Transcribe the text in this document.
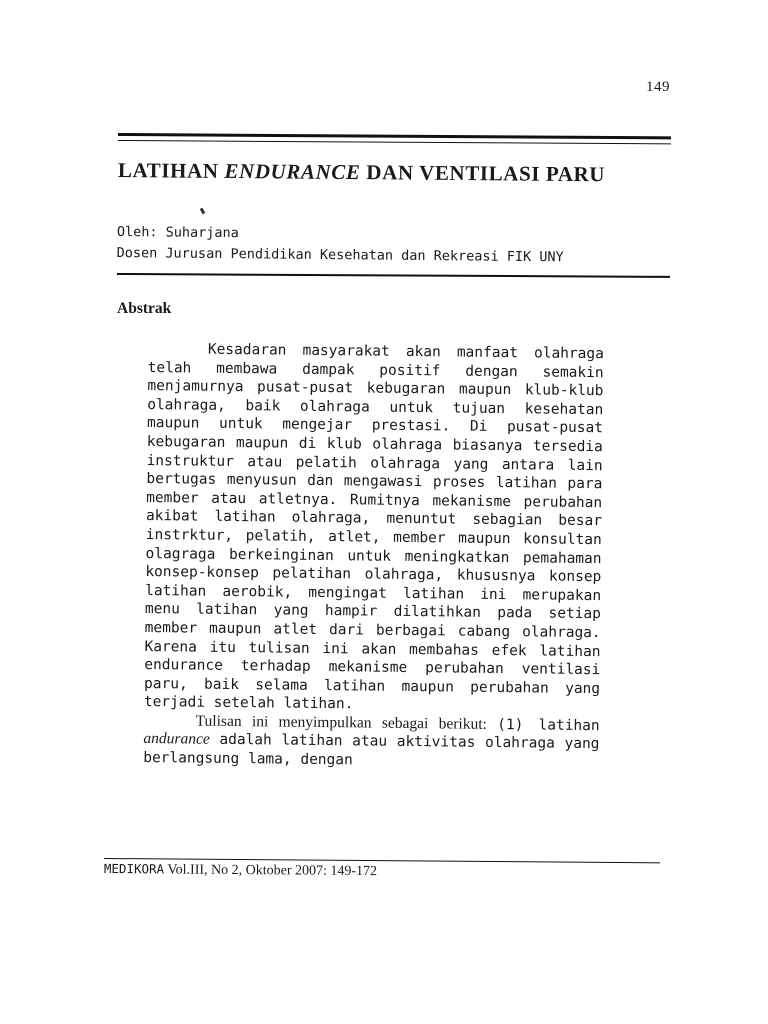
149
LATIHAN ENDURANCE DAN VENTILASI PARU
Oleh: Suharjana
Dosen Jurusan Pendidikan Kesehatan dan Rekreasi FIK UNY
Abstrak

Kesadaran masyarakat akan manfaat olahraga telah membawa dampak positif dengan semakin menjamurnya pusat-pusat kebugaran maupun klub-klub olahraga, baik olahraga untuk tujuan kesehatan maupun untuk mengejar prestasi. Di pusat-pusat kebugaran maupun di klub olahraga biasanya tersedia instruktur atau pelatih olahraga yang antara lain bertugas menyusun dan mengawasi proses latihan para member atau atletnya. Rumitnya mekanisme perubahan akibat latihan olahraga, menuntut sebagian besar instrktur, pelatih, atlet, member maupun konsultan olagraga berkeinginan untuk meningkatkan pemahaman konsep-konsep pelatihan olahraga, khususnya konsep latihan aerobik, mengingat latihan ini merupakan menu latihan yang hampir dilatihkan pada setiap member maupun atlet dari berbagai cabang olahraga. Karena itu tulisan ini akan membahas efek latihan endurance terhadap mekanisme perubahan ventilasi paru, baik selama latihan maupun perubahan yang terjadi setelah latihan.

Tulisan ini menyimpulkan sebagai berikut: (1) latihan andurance adalah latihan atau aktivitas olahraga yang berlangsung lama, dengan

MEDIKORA Vol.III, No 2, Oktober 2007: 149-172
